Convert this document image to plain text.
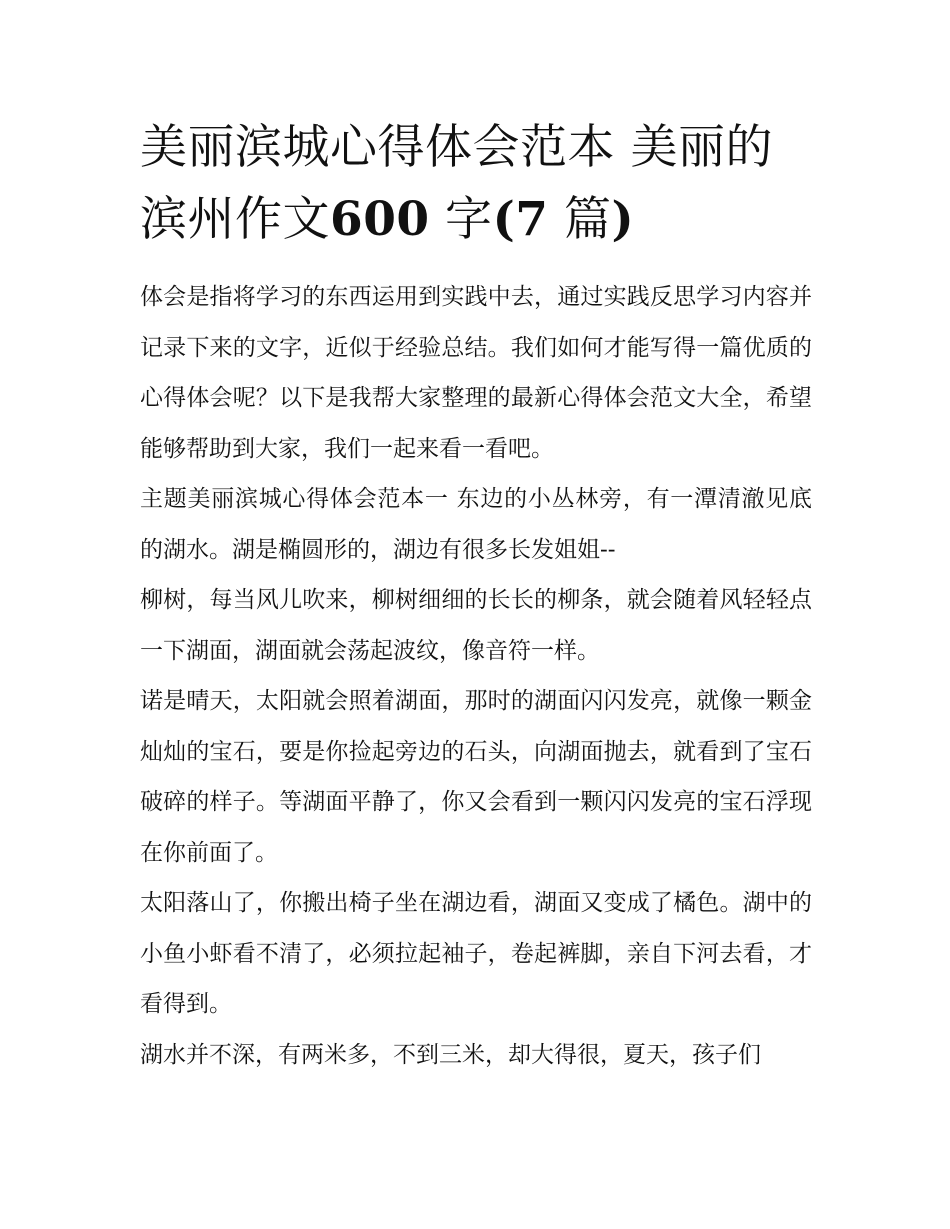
美丽滨城心得体会范本 美丽的滨州作文600 字(7 篇)

体会是指将学习的东西运用到实践中去，通过实践反思学习内容并记录下来的文字，近似于经验总结。我们如何才能写得一篇优质的心得体会呢？以下是我帮大家整理的最新心得体会范文大全，希望能够帮助到大家，我们一起来看一看吧。

主题美丽滨城心得体会范本一 东边的小丛林旁，有一潭清澈见底的湖水。湖是椭圆形的，湖边有很多长发姐姐--

柳树，每当风儿吹来，柳树细细的长长的柳条，就会随着风轻轻点一下湖面，湖面就会荡起波纹，像音符一样。

诺是晴天，太阳就会照着湖面，那时的湖面闪闪发亮，就像一颗金灿灿的宝石，要是你捡起旁边的石头，向湖面抛去，就看到了宝石破碎的样子。等湖面平静了，你又会看到一颗闪闪发亮的宝石浮现在你前面了。

太阳落山了，你搬出椅子坐在湖边看，湖面又变成了橘色。湖中的小鱼小虾看不清了，必须拉起袖子，卷起裤脚，亲自下河去看，才看得到。

湖水并不深，有两米多，不到三米，却大得很，夏天，孩子们
